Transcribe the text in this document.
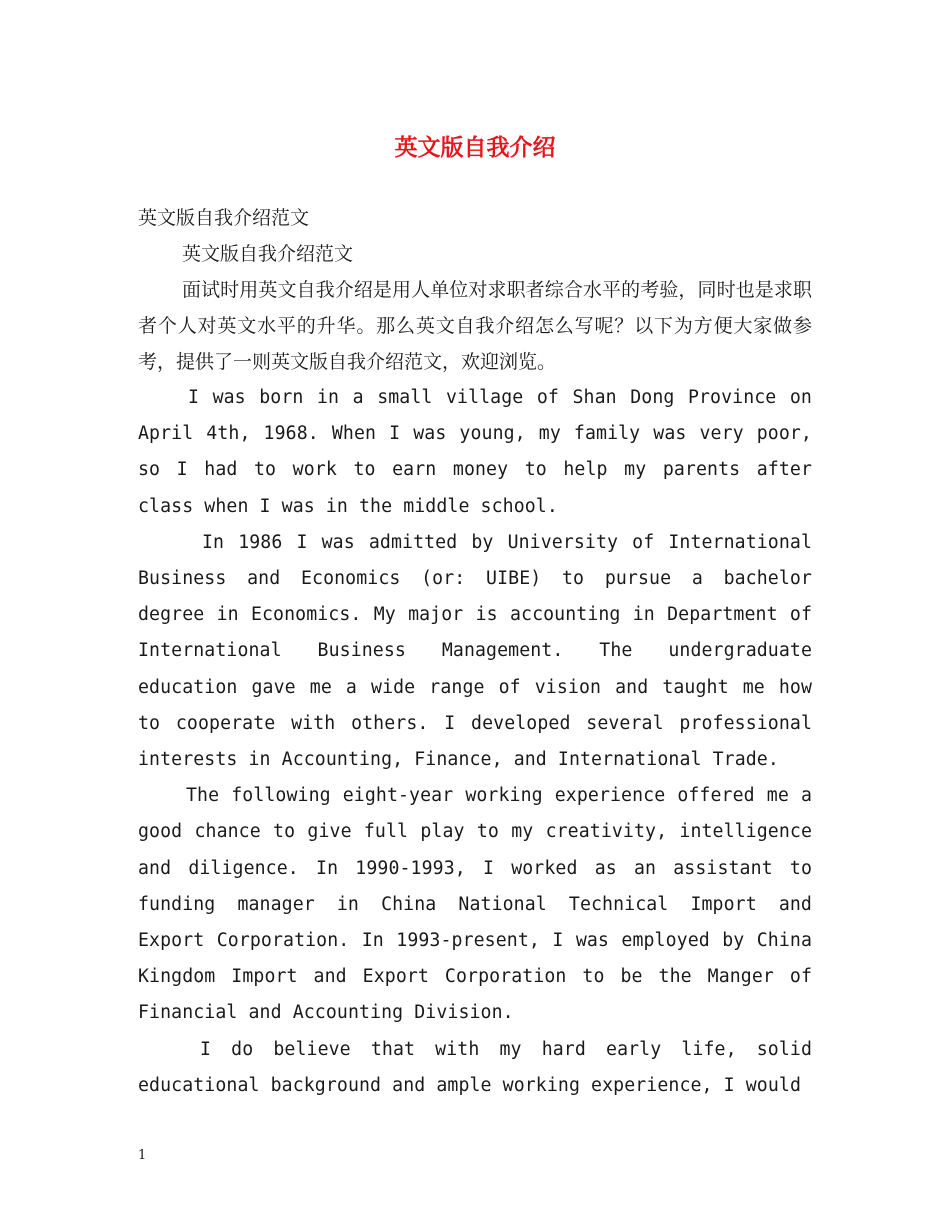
英文版自我介绍

英文版自我介绍范文

英文版自我介绍范文

面试时用英文自我介绍是用人单位对求职者综合水平的考验，同时也是求职者个人对英文水平的升华。那么英文自我介绍怎么写呢？以下为方便大家做参考，提供了一则英文版自我介绍范文，欢迎浏览。

I was born in a small village of Shan Dong Province on April 4th, 1968. When I was young, my family was very poor, so I had to work to earn money to help my parents after class when I was in the middle school.

In 1986 I was admitted by University of International Business and Economics (or: UIBE) to pursue a bachelor degree in Economics. My major is accounting in Department of International Business Management. The undergraduate education gave me a wide range of vision and taught me how to cooperate with others. I developed several professional interests in Accounting, Finance, and International Trade.

The following eight-year working experience offered me a good chance to give full play to my creativity, intelligence and diligence. In 1990-1993, I worked as an assistant to funding manager in China National Technical Import and Export Corporation. In 1993-present, I was employed by China Kingdom Import and Export Corporation to be the Manger of Financial and Accounting Division.

I do believe that with my hard early life, solid educational background and ample working experience, I would

1
